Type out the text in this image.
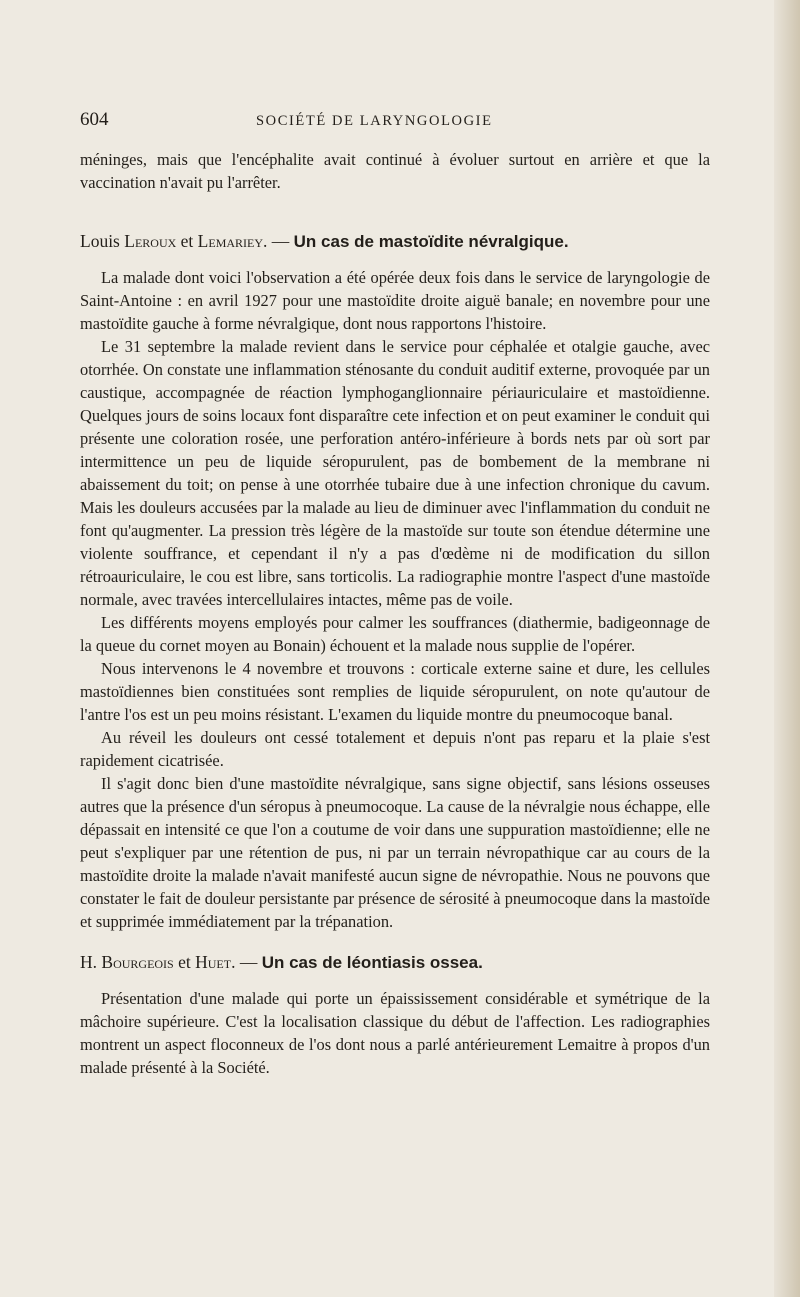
604	SOCIÉTÉ DE LARYNGOLOGIE

méninges, mais que l'encéphalite avait continué à évoluer surtout en arrière et que la vaccination n'avait pu l'arrêter.

Louis Leroux et Lemariey. — Un cas de mastoïdite névralgique.

La malade dont voici l'observation a été opérée deux fois dans le service de laryngologie de Saint-Antoine : en avril 1927 pour une mastoïdite droite aiguë banale; en novembre pour une mastoïdite gauche à forme névralgique, dont nous rapportons l'histoire.

Le 31 septembre la malade revient dans le service pour céphalée et otalgie gauche, avec otorrhée. On constate une inflammation sténosante du conduit auditif externe, provoquée par un caustique, accompagnée de réaction lymphoganglionnaire périauriculaire et mastoïdienne. Quelques jours de soins locaux font disparaître cete infection et on peut examiner le conduit qui présente une coloration rosée, une perforation antéro-inférieure à bords nets par où sort par intermittence un peu de liquide séropurulent, pas de bombement de la membrane ni abaissement du toit; on pense à une otorrhée tubaire due à une infection chronique du cavum. Mais les douleurs accusées par la malade au lieu de diminuer avec l'inflammation du conduit ne font qu'augmenter. La pression très légère de la mastoïde sur toute son étendue détermine une violente souffrance, et cependant il n'y a pas d'œdème ni de modification du sillon rétroauriculaire, le cou est libre, sans torticolis. La radiographie montre l'aspect d'une mastoïde normale, avec travées intercellulaires intactes, même pas de voile.

Les différents moyens employés pour calmer les souffrances (diathermie, badigeonnage de la queue du cornet moyen au Bonain) échouent et la malade nous supplie de l'opérer.

Nous intervenons le 4 novembre et trouvons : corticale externe saine et dure, les cellules mastoïdiennes bien constituées sont remplies de liquide séropurulent, on note qu'autour de l'antre l'os est un peu moins résistant. L'examen du liquide montre du pneumocoque banal.

Au réveil les douleurs ont cessé totalement et depuis n'ont pas reparu et la plaie s'est rapidement cicatrisée.

Il s'agit donc bien d'une mastoïdite névralgique, sans signe objectif, sans lésions osseuses autres que la présence d'un séropus à pneumocoque. La cause de la névralgie nous échappe, elle dépassait en intensité ce que l'on a coutume de voir dans une suppuration mastoïdienne; elle ne peut s'expliquer par une rétention de pus, ni par un terrain névropathique car au cours de la mastoïdite droite la malade n'avait manifesté aucun signe de névropathie. Nous ne pouvons que constater le fait de douleur persistante par présence de sérosité à pneumocoque dans la mastoïde et supprimée immédiatement par la trépanation.

H. Bourgeois et Huet. — Un cas de léontiasis ossea.

Présentation d'une malade qui porte un épaississement considérable et symétrique de la mâchoire supérieure. C'est la localisation classique du début de l'affection. Les radiographies montrent un aspect floconneux de l'os dont nous a parlé antérieurement Lemaitre à propos d'un malade présenté à la Société.
